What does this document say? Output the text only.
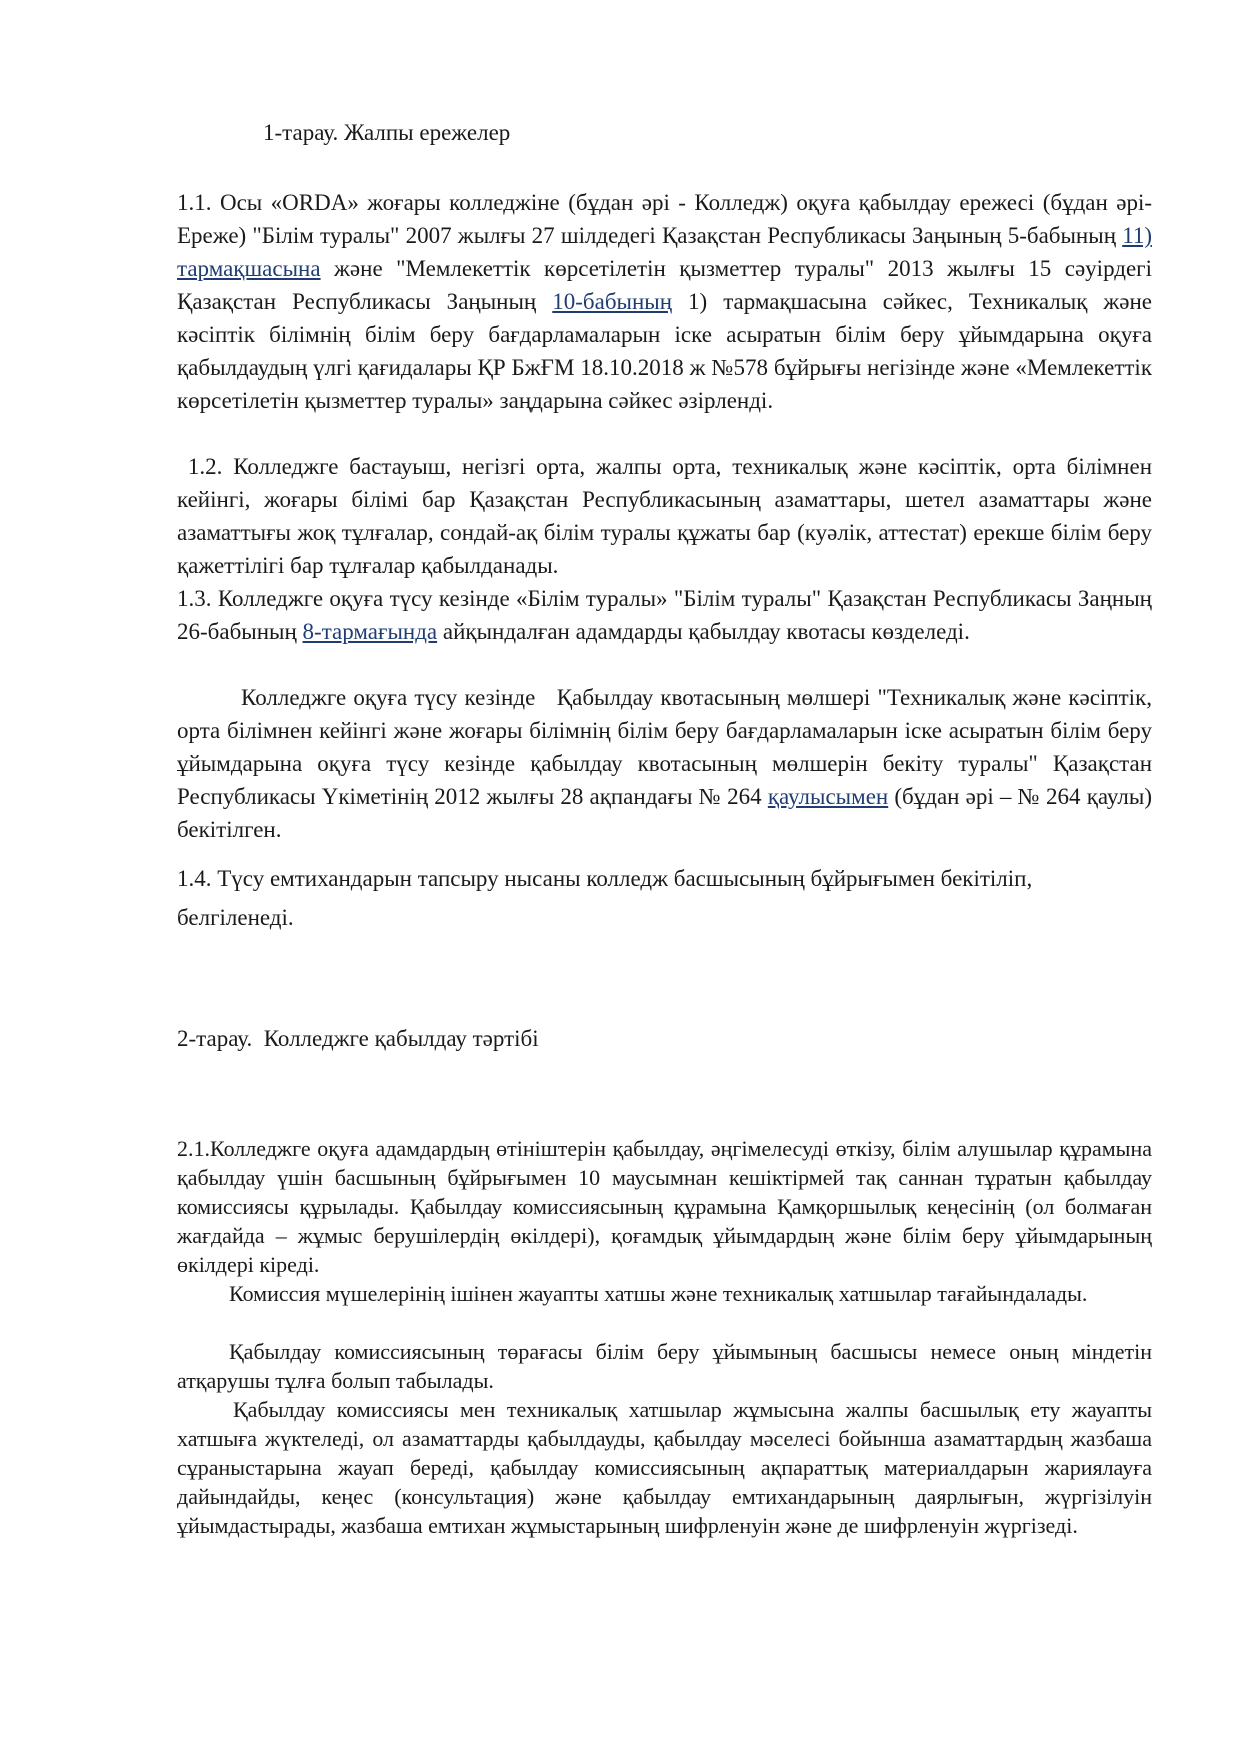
1-тарау. Жалпы ережелер

1.1. Осы «ORDA» жоғары колледжіне (бұдан әрі - Колледж) оқуға қабылдау ережесі (бұдан әрі-Ереже) "Білім туралы" 2007 жылғы 27 шілдедегі Қазақстан Республикасы Заңының 5-бабының 11) тармақшасына және "Мемлекеттік көрсетілетін қызметтер туралы" 2013 жылғы 15 сәуірдегі Қазақстан Республикасы Заңының 10-бабының 1) тармақшасына сәйкес, Техникалық және кәсіптік білімнің білім беру бағдарламаларын іске асыратын білім беру ұйымдарына оқуға қабылдаудың үлгі қағидалары ҚР БжҒМ 18.10.2018 ж №578 бұйрығы негізінде және «Мемлекеттік көрсетілетін қызметтер туралы» заңдарына сәйкес әзірленді.

1.2. Колледжге бастауыш, негізгі орта, жалпы орта, техникалық және кәсіптік, орта білімнен кейінгі, жоғары білімі бар Қазақстан Республикасының азаматтары, шетел азаматтары және азаматтығы жоқ тұлғалар, сондай-ақ білім туралы құжаты бар (куәлік, аттестат) ерекше білім беру қажеттілігі бар тұлғалар қабылданады.

1.3. Колледжге оқуға түсу кезінде «Білім туралы» "Білім туралы" Қазақстан Республикасы Заңның 26-бабының 8-тармағында айқындалған адамдарды қабылдау квотасы көзделеді.

Колледжге оқуға түсу кезінде   Қабылдау квотасының мөлшері "Техникалық және кәсіптік, орта білімнен кейінгі және жоғары білімнің білім беру бағдарламаларын іске асыратын білім беру ұйымдарына оқуға түсу кезінде қабылдау квотасының мөлшерін бекіту туралы" Қазақстан Республикасы Үкіметінің 2012 жылғы 28 ақпандағы № 264 қаулысымен (бұдан әрі – № 264 қаулы) бекітілген.

1.4. Түсу емтихандарын тапсыру нысаны колледж басшысының бұйрығымен бекітіліп,

белгіленеді.

2-тарау.  Колледжге қабылдау тәртібі

2.1.Колледжге оқуға адамдардың өтініштерін қабылдау, әңгімелесуді өткізу, білім алушылар құрамына қабылдау үшін басшының бұйрығымен 10 маусымнан кешіктірмей тақ саннан тұратын қабылдау комиссиясы құрылады. Қабылдау комиссиясының құрамына Қамқоршылық кеңесінің (ол болмаған жағдайда – жұмыс берушілердің өкілдері), қоғамдық ұйымдардың және білім беру ұйымдарының өкілдері кіреді.

Комиссия мүшелерінің ішінен жауапты хатшы және техникалық хатшылар тағайындалады.

Қабылдау комиссиясының төрағасы білім беру ұйымының басшысы немесе оның міндетін атқарушы тұлға болып табылады.

Қабылдау комиссиясы мен техникалық хатшылар жұмысына жалпы басшылық ету жауапты хатшыға жүктеледі, ол азаматтарды қабылдауды, қабылдау мәселесі бойынша азаматтардың жазбаша сұраныстарына жауап береді, қабылдау комиссиясының ақпараттық материалдарын жариялауға дайындайды, кеңес (консультация) және қабылдау емтихандарының даярлығын, жүргізілуін ұйымдастырады, жазбаша емтихан жұмыстарының шифрленуін және де шифрленуін жүргізеді.
